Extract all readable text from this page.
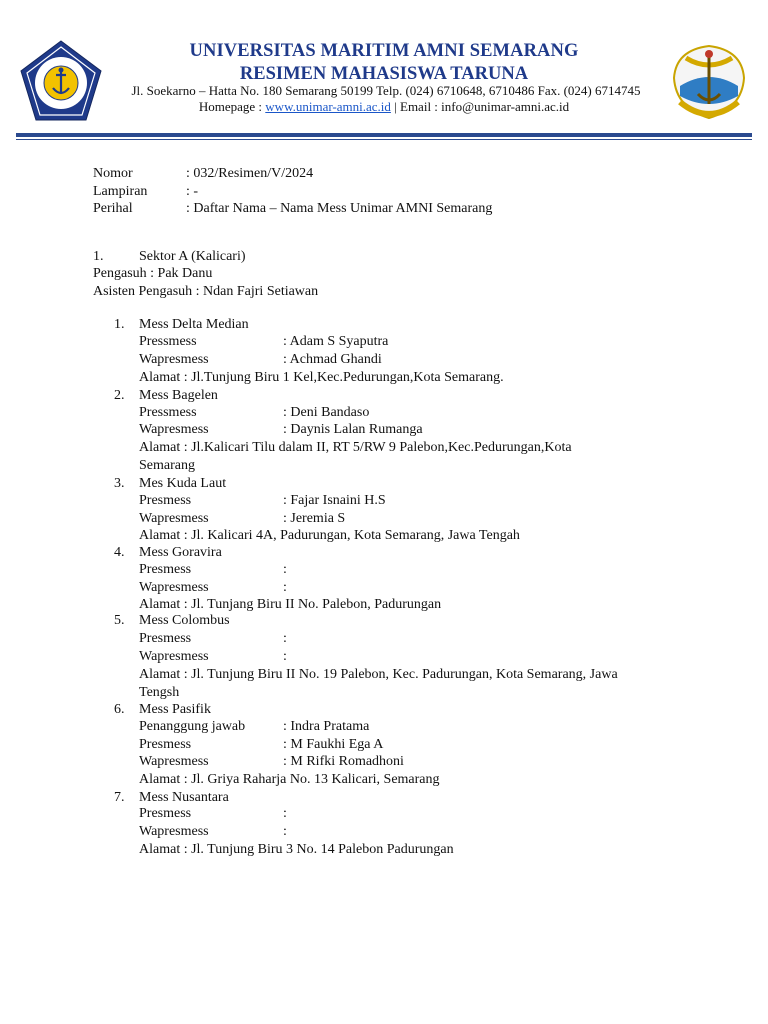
UNIVERSITAS MARITIM AMNI SEMARANG
RESIMEN MAHASISWA TARUNA
Jl. Soekarno – Hatta No. 180 Semarang 50199 Telp. (024) 6710648, 6710486 Fax. (024) 6714745
Homepage : www.unimar-amni.ac.id | Email : info@unimar-amni.ac.id
Nomor	: 032/Resimen/V/2024
Lampiran	: -
Perihal	: Daftar Nama – Nama Mess Unimar AMNI Semarang
1.	Sektor A (Kalicari)
Pengasuh : Pak Danu
Asisten Pengasuh : Ndan Fajri Setiawan
1. Mess Delta Median
Pressmess	: Adam S Syaputra
Wapresmess	: Achmad Ghandi
Alamat : Jl.Tunjung Biru 1 Kel,Kec.Pedurungan,Kota Semarang.
2. Mess Bagelen
Pressmess	: Deni Bandaso
Wapresmess	: Daynis Lalan Rumanga
Alamat : Jl.Kalicari Tilu dalam II, RT 5/RW 9 Palebon,Kec.Pedurungan,Kota
Semarang
3. Mes Kuda Laut
Presmess	: Fajar Isnaini H.S
Wapresmess	: Jeremia S
Alamat : Jl. Kalicari 4A, Padurungan, Kota Semarang, Jawa Tengah
4. Mess Goravira
Presmess	:
Wapresmess	:
Alamat : Jl. Tunjang Biru II No. Palebon, Padurungan
5. Mess Colombus
Presmess	:
Wapresmess	:
Alamat : Jl. Tunjung Biru II No. 19 Palebon, Kec. Padurungan, Kota Semarang, Jawa
Tengsh
6. Mess Pasifik
Penanggung jawab	: Indra Pratama
Presmess	: M Faukhi Ega A
Wapresmess	: M Rifki Romadhoni
Alamat : Jl. Griya Raharja No. 13 Kalicari, Semarang
7. Mess Nusantara
Presmess	:
Wapresmess	:
Alamat : Jl. Tunjung Biru 3 No. 14 Palebon Padurungan
